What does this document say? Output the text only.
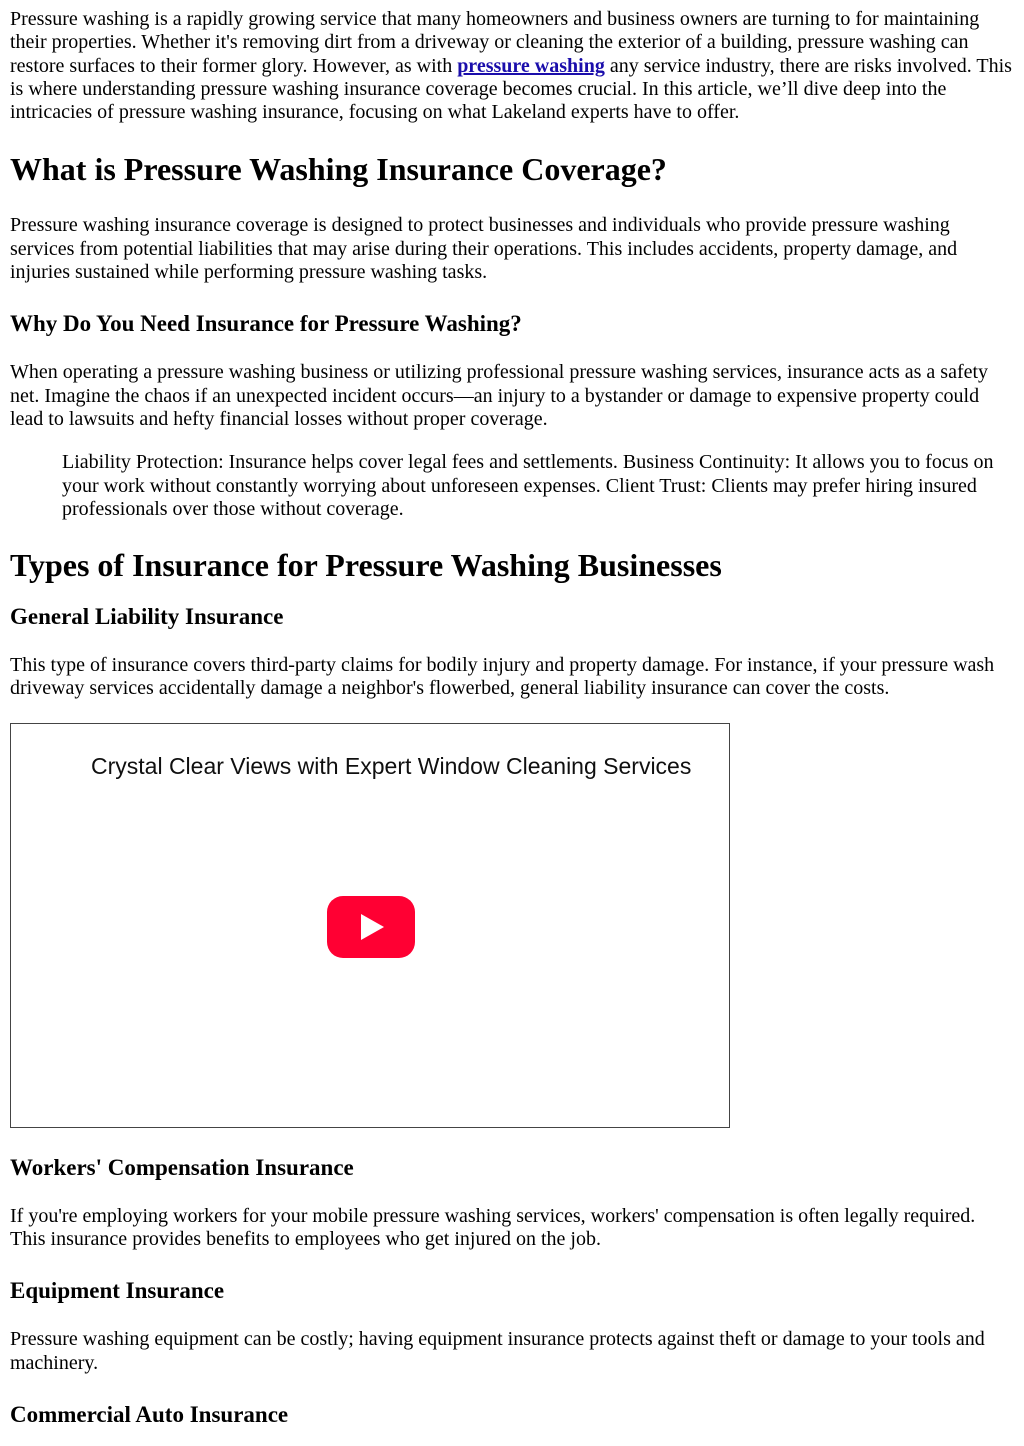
Pressure washing is a rapidly growing service that many homeowners and business owners are turning to for maintaining their properties. Whether it's removing dirt from a driveway or cleaning the exterior of a building, pressure washing can restore surfaces to their former glory. However, as with pressure washing any service industry, there are risks involved. This is where understanding pressure washing insurance coverage becomes crucial. In this article, we’ll dive deep into the intricacies of pressure washing insurance, focusing on what Lakeland experts have to offer.

What is Pressure Washing Insurance Coverage?

Pressure washing insurance coverage is designed to protect businesses and individuals who provide pressure washing services from potential liabilities that may arise during their operations. This includes accidents, property damage, and injuries sustained while performing pressure washing tasks.

Why Do You Need Insurance for Pressure Washing?

When operating a pressure washing business or utilizing professional pressure washing services, insurance acts as a safety net. Imagine the chaos if an unexpected incident occurs—an injury to a bystander or damage to expensive property could lead to lawsuits and hefty financial losses without proper coverage.

Liability Protection: Insurance helps cover legal fees and settlements. Business Continuity: It allows you to focus on your work without constantly worrying about unforeseen expenses. Client Trust: Clients may prefer hiring insured professionals over those without coverage.
Types of Insurance for Pressure Washing Businesses
General Liability Insurance

This type of insurance covers third-party claims for bodily injury and property damage. For instance, if your pressure wash driveway services accidentally damage a neighbor's flowerbed, general liability insurance can cover the costs.

Crystal Clear Views with Expert Window Cleaning Services
Workers' Compensation Insurance

If you're employing workers for your mobile pressure washing services, workers' compensation is often legally required. This insurance provides benefits to employees who get injured on the job.

Equipment Insurance

Pressure washing equipment can be costly; having equipment insurance protects against theft or damage to your tools and machinery.

Commercial Auto Insurance
